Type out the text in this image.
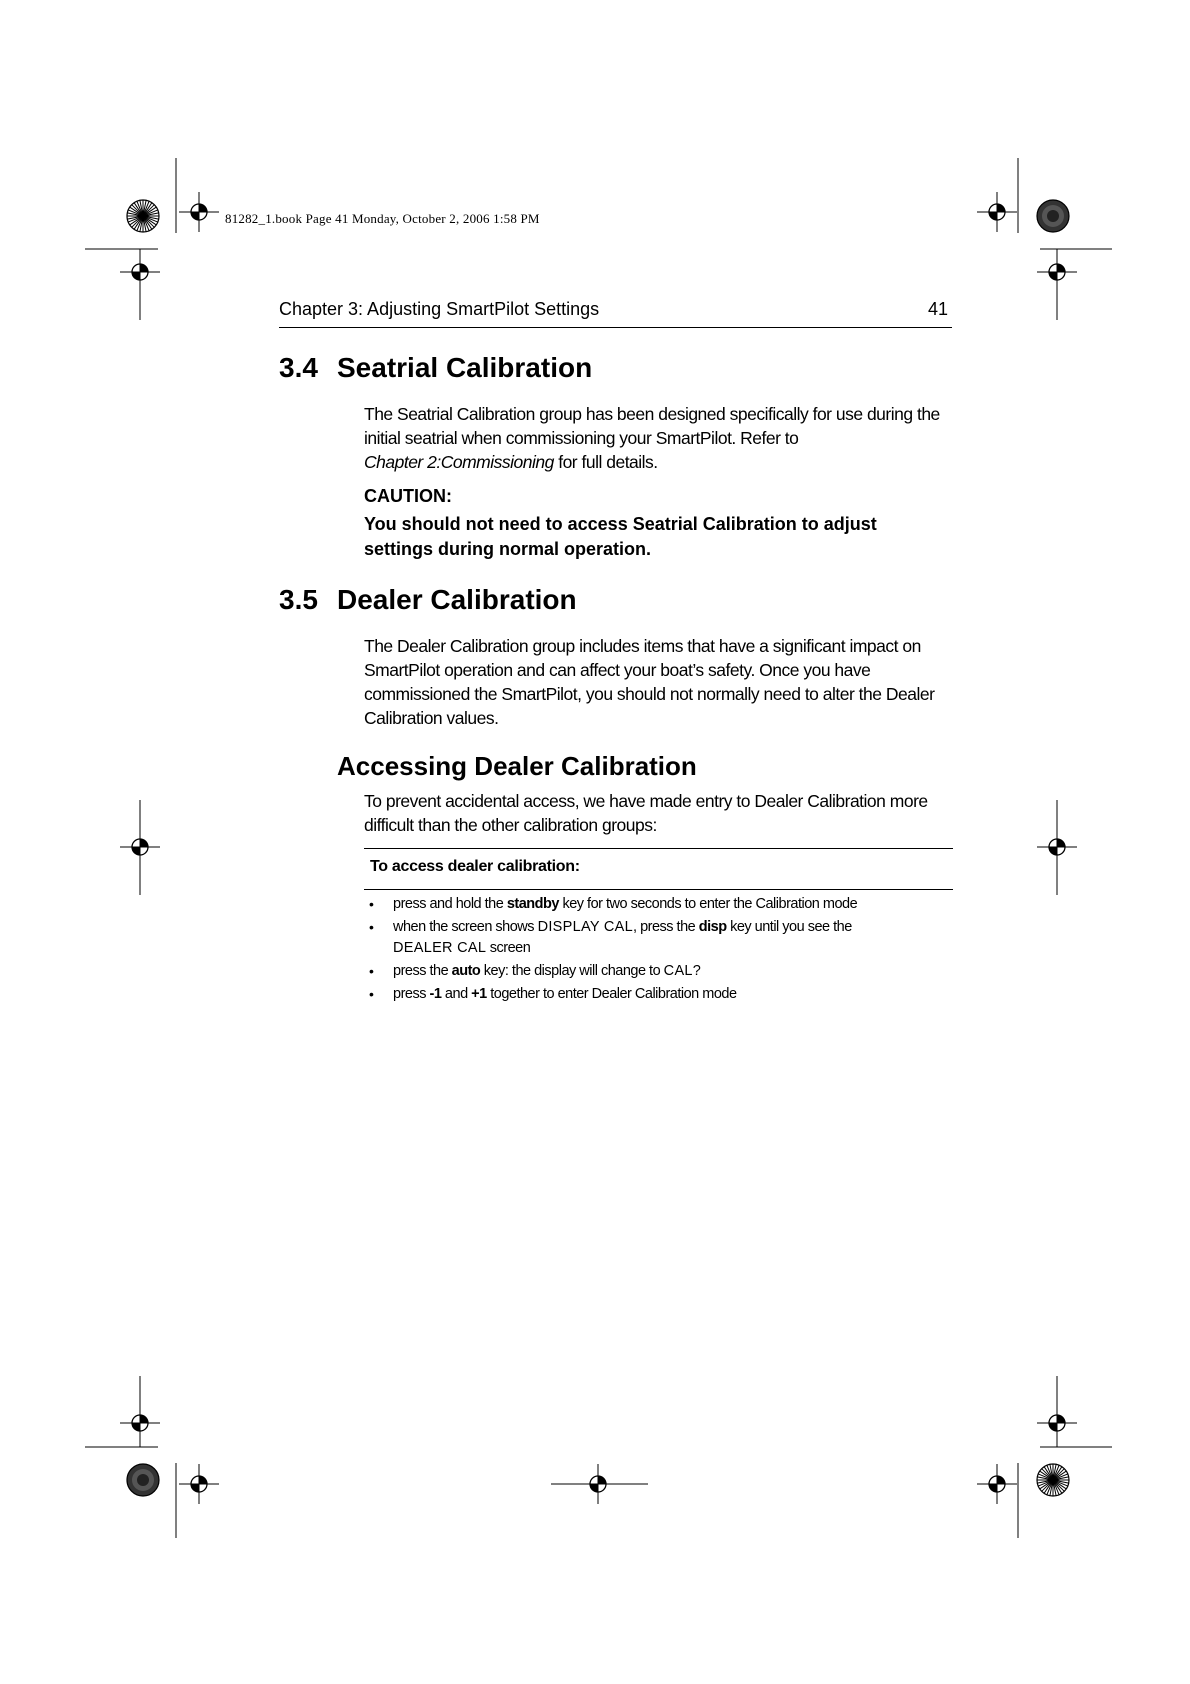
81282_1.book Page 41 Monday, October 2, 2006 1:58 PM
Chapter 3: Adjusting SmartPilot Settings	41
3.4 Seatrial Calibration

The Seatrial Calibration group has been designed specifically for use during the

initial seatrial when commissioning your SmartPilot. Refer to

Chapter 2:Commissioning for full details.

CAUTION:
You should not need to access Seatrial Calibration to adjust settings during normal operation.
3.5 Dealer Calibration

The Dealer Calibration group includes items that have a significant impact on SmartPilot operation and can affect your boat’s safety. Once you have commissioned the SmartPilot, you should not normally need to alter the Dealer Calibration values.

Accessing Dealer Calibration

To prevent accidental access, we have made entry to Dealer Calibration more difficult than the other calibration groups:

To access dealer calibration:
• press and hold the standby key for two seconds to enter the Calibration mode
• when the screen shows DISPLAY CAL, press the disp key until you see the
DEALER CAL screen
• press the auto key: the display will change to CAL?
• press -1 and +1 together to enter Dealer Calibration mode
